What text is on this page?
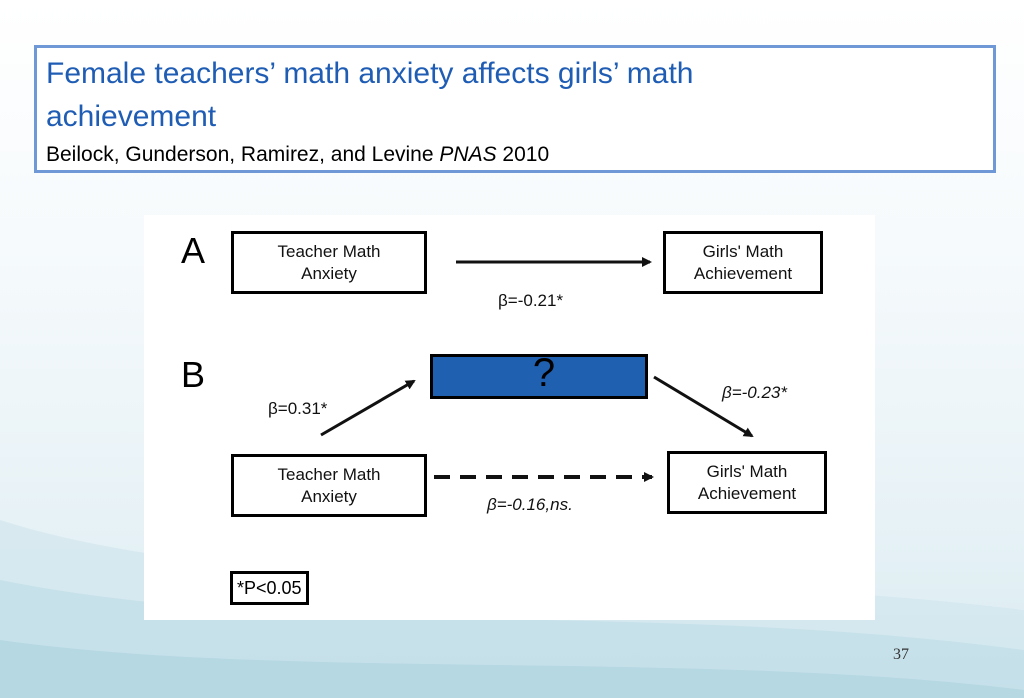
Female teachers’ math anxiety affects girls’ math
achievement
Beilock, Gunderson, Ramirez, and Levine PNAS 2010
A	Teacher Math
Anxiety
Girls' Math
Achievement
β=-0.21*
B	?
β=0.31*
β=-0.23*
Teacher Math
Anxiety
Girls' Math
Achievement
β=-0.16,ns.
*P<0.05
37
